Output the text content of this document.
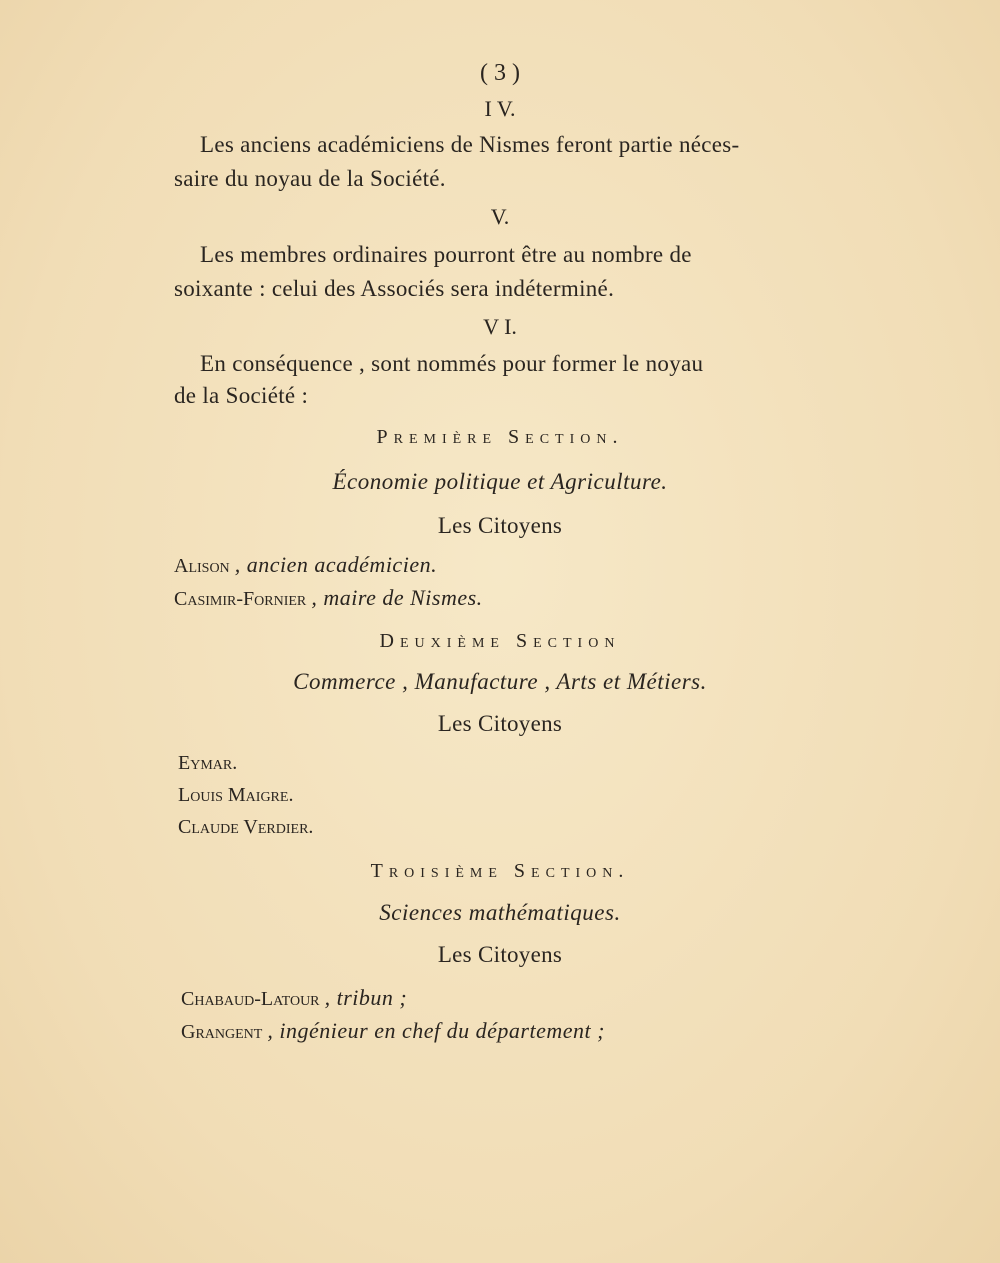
( 3 )
I V.
Les anciens académiciens de Nismes feront partie néces-
saire du noyau de la Société.
V.
Les membres ordinaires pourront être au nombre de
soixante : celui des Associés sera indéterminé.
V I.
En conséquence , sont nommés pour former le noyau
de la Société :
Première Section.
Économie politique et Agriculture.
Les Citoyens
Alison , ancien académicien.
Casimir-Fornier , maire de Nismes.
Deuxième Section
Commerce , Manufacture , Arts et Métiers.
Les Citoyens
Eymar.
Louis Maigre.
Claude Verdier.
Troisième Section.
Sciences mathématiques.
Les Citoyens
Chabaud-Latour , tribun ;
Grangent , ingénieur en chef du département ;
